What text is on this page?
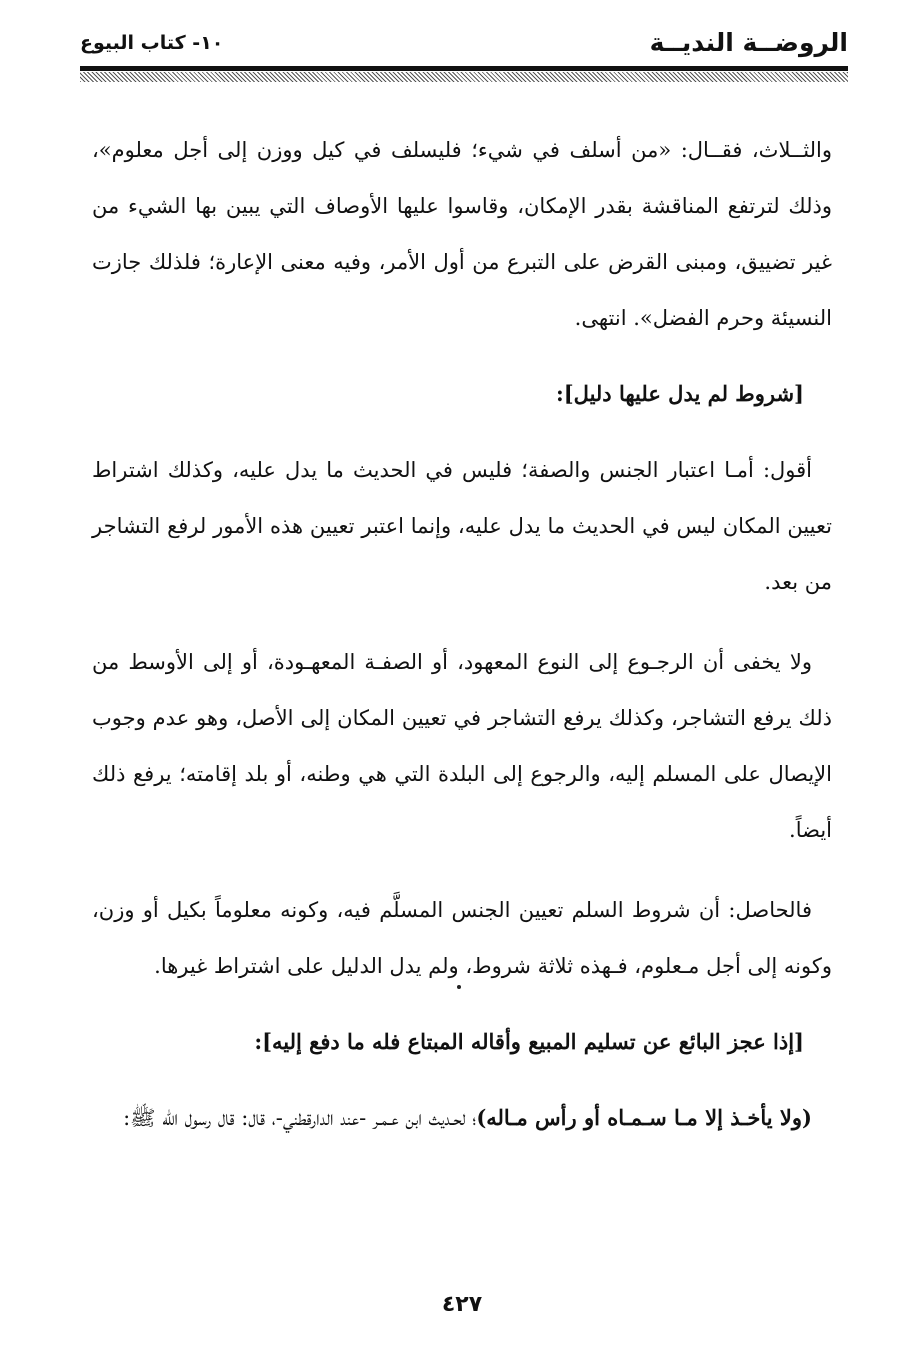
الروضــة النديــة
١٠- كتاب البيوع

والثــلاث، فقــال: «من أسلف في شيء؛ فليسلف في كيل ووزن إلى أجل معلوم»، وذلك لترتفع المناقشة بقدر الإمكان، وقاسوا عليها الأوصاف التي يبين بها الشيء من غير تضييق، ومبنى القرض على التبرع من أول الأمر، وفيه معنى الإعارة؛ فلذلك جازت النسيئة وحرم الفضل». انتهى.

[شروط لم يدل عليها دليل]:

أقول: أمـا اعتبار الجنس والصفة؛ فليس في الحديث ما يدل عليه، وكذلك اشتراط تعيين المكان ليس في الحديث ما يدل عليه، وإنما اعتبر تعيين هذه الأمور لرفع التشاجر من بعد.

ولا يخفى أن الرجـوع إلى النوع المعهود، أو الصفـة المعهـودة، أو إلى الأوسط من ذلك يرفع التشاجر، وكذلك يرفع التشاجر في تعيين المكان إلى الأصل، وهو عدم وجوب الإيصال على المسلم إليه، والرجوع إلى البلدة التي هي وطنه، أو بلد إقامته؛ يرفع ذلك أيضاً.

فالحاصل: أن شروط السلم تعيين الجنس المسلَّم فيه، وكونه معلوماً بكيل أو وزن، وكونه إلى أجل مـعلوم، فـهذه ثلاثة شروط، ولم يدل الدليل على اشتراط غيرها.

[إذا عجز البائع عن تسليم المبيع وأقاله المبتاع فله ما دفع إليه]:

(ولا يأخـذ إلا مـا سـمـاه أو رأس مـاله)؛ لحـديث ابن عـمـر -عند الدارقطني-، قال: قال رسول الله ﷺ:

٤٢٧
